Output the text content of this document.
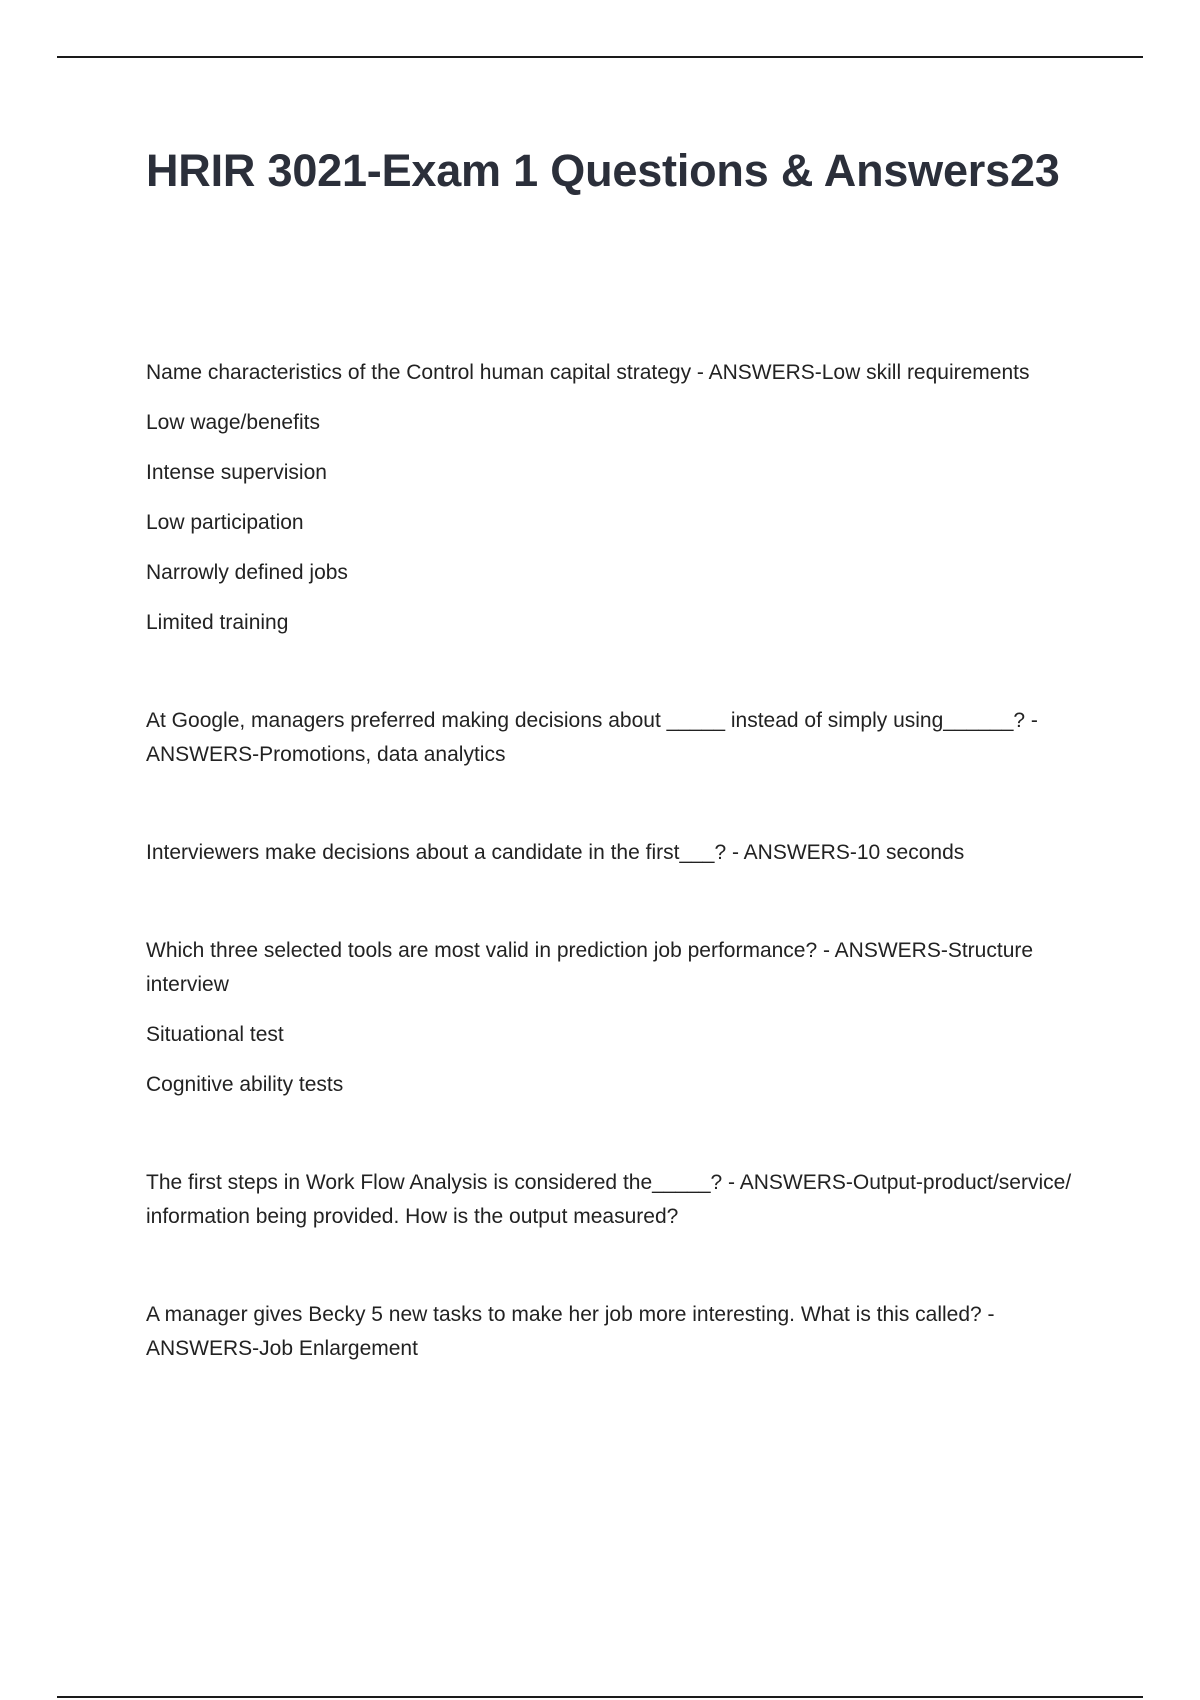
HRIR 3021-Exam 1 Questions & Answers23

Name characteristics of the Control human capital strategy - ANSWERS-Low skill requirements

Low wage/benefits

Intense supervision

Low participation

Narrowly defined jobs

Limited training

At Google, managers preferred making decisions about _____ instead of simply using______? - ANSWERS-Promotions, data analytics

Interviewers make decisions about a candidate in the first___? - ANSWERS-10 seconds

Which three selected tools are most valid in prediction job performance? - ANSWERS-Structure interview

Situational test

Cognitive ability tests

The first steps in Work Flow Analysis is considered the_____? - ANSWERS-Output-product/service/ information being provided. How is the output measured?

A manager gives Becky 5 new tasks to make her job more interesting. What is this called? - ANSWERS-Job Enlargement
